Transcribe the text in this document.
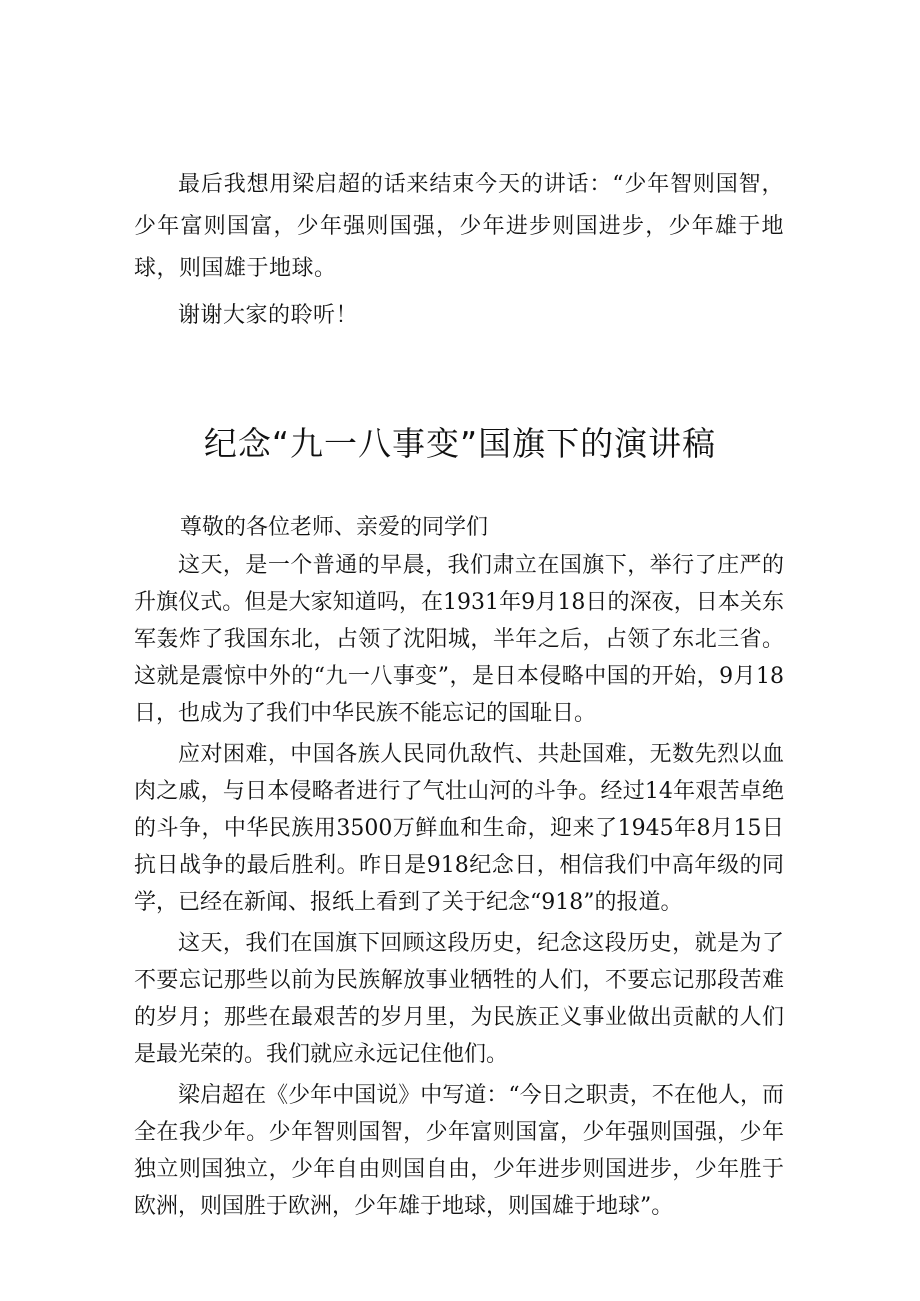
最后我想用梁启超的话来结束今天的讲话：“少年智则国智，少年富则国富，少年强则国强，少年进步则国进步，少年雄于地球，则国雄于地球。

谢谢大家的聆听！

纪念“九一八事变”国旗下的演讲稿

尊敬的各位老师、亲爱的同学们

这天，是一个普通的早晨，我们肃立在国旗下，举行了庄严的升旗仪式。但是大家知道吗，在1931年9月18日的深夜，日本关东军轰炸了我国东北，占领了沈阳城，半年之后，占领了东北三省。这就是震惊中外的“九一八事变”，是日本侵略中国的开始，9月18日，也成为了我们中华民族不能忘记的国耻日。

应对困难，中国各族人民同仇敌忾、共赴国难，无数先烈以血肉之戚，与日本侵略者进行了气壮山河的斗争。经过14年艰苦卓绝的斗争，中华民族用3500万鲜血和生命，迎来了1945年8月15日抗日战争的最后胜利。昨日是918纪念日，相信我们中高年级的同学，已经在新闻、报纸上看到了关于纪念“918”的报道。

这天，我们在国旗下回顾这段历史，纪念这段历史，就是为了不要忘记那些以前为民族解放事业牺牲的人们，不要忘记那段苦难的岁月；那些在最艰苦的岁月里，为民族正义事业做出贡献的人们是最光荣的。我们就应永远记住他们。

梁启超在《少年中国说》中写道：“今日之职责，不在他人，而全在我少年。少年智则国智，少年富则国富，少年强则国强，少年独立则国独立，少年自由则国自由，少年进步则国进步，少年胜于欧洲，则国胜于欧洲，少年雄于地球，则国雄于地球”。
